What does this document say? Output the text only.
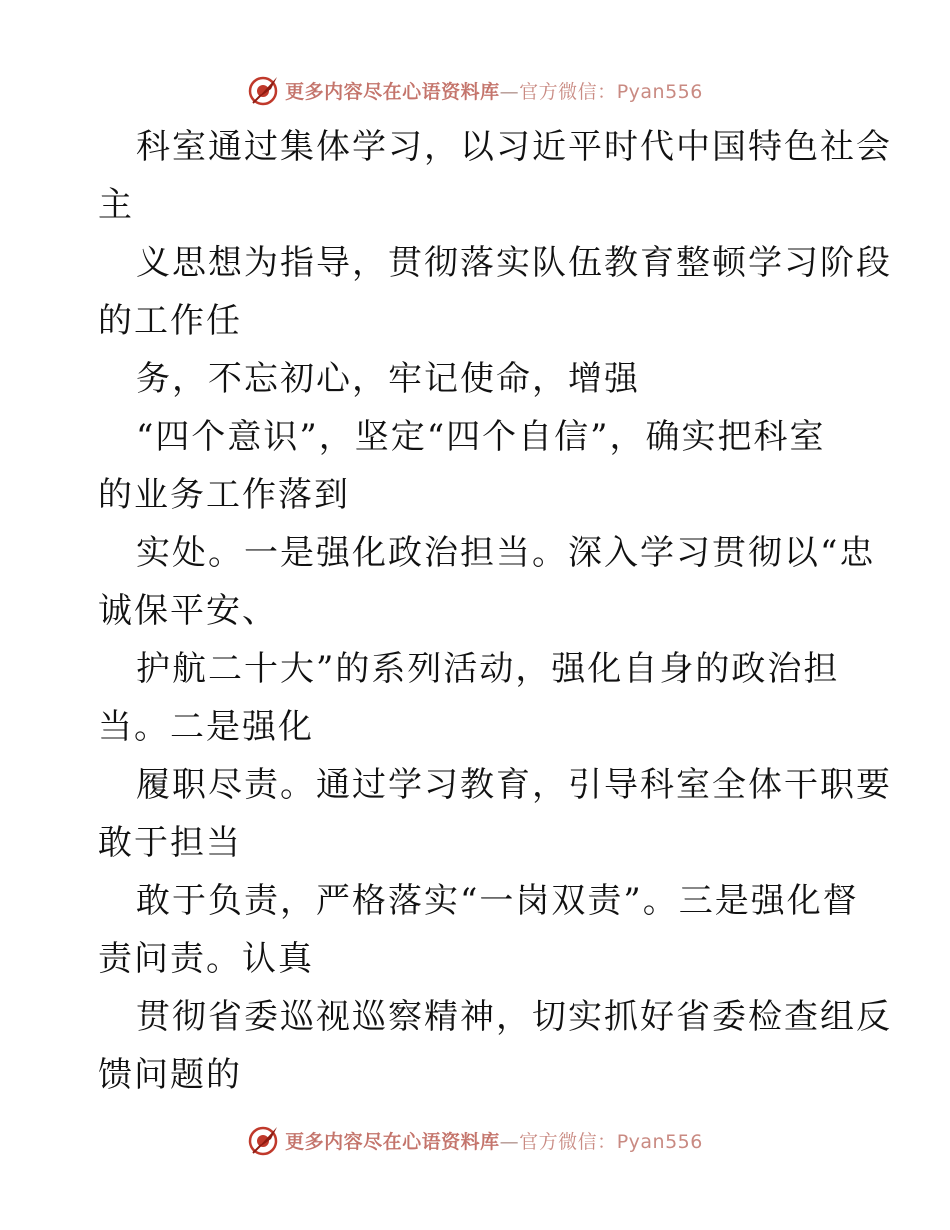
更多内容尽在心语资料库—官方微信：Pyan556
科室通过集体学习，以习近平时代中国特色社会
主
义思想为指导，贯彻落实队伍教育整顿学习阶段
的工作任
务，不忘初心，牢记使命，增强
“四个意识”，坚定“四个自信”，确实把科室
的业务工作落到
实处。一是强化政治担当。深入学习贯彻以“忠
诚保平安、
护航二十大”的系列活动，强化自身的政治担
当。二是强化
履职尽责。通过学习教育，引导科室全体干职要
敢于担当
敢于负责，严格落实“一岗双责”。三是强化督
责问责。认真
贯彻省委巡视巡察精神，切实抓好省委检查组反
馈问题的
更多内容尽在心语资料库—官方微信：Pyan556
